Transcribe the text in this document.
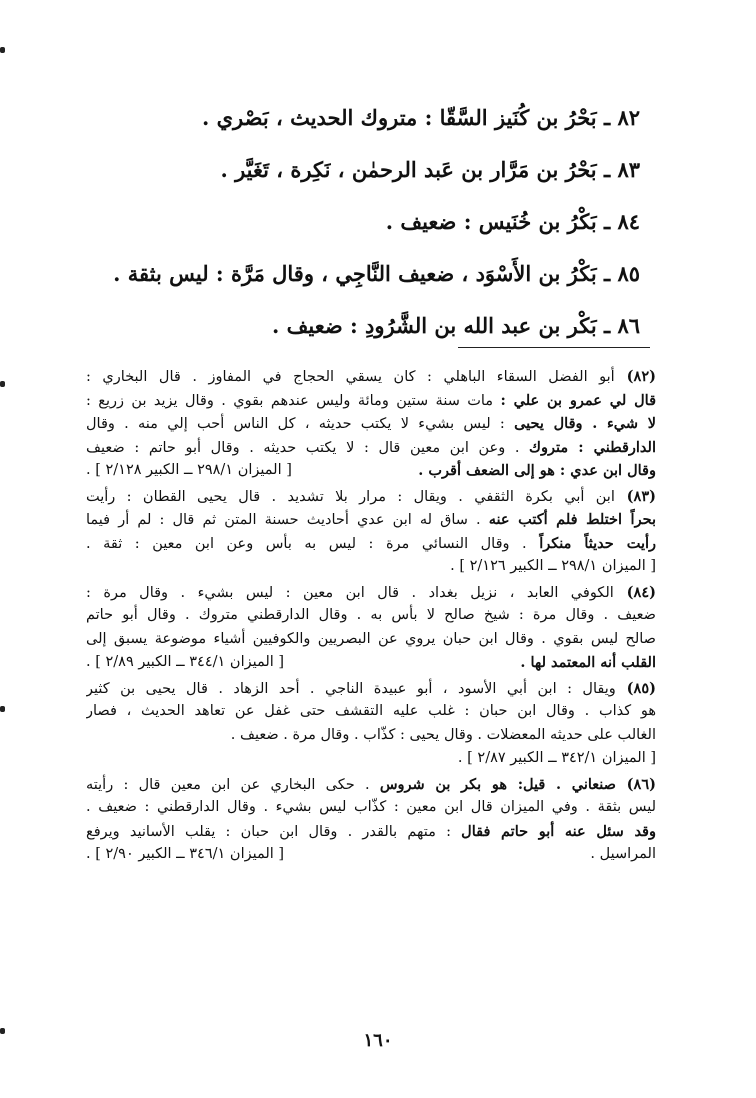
٨٢ ـ بَحْرُ بن كُنَيز السَّقّا : متروك الحديث ، بَصْري .
٨٣ ـ بَحْرُ بن مَرَّار بن عَبد الرحمٰن ، نَكِرة ، تَغَيَّر .
٨٤ ـ بَكْرُ بن خُنَيس : ضعيف .
٨٥ ـ بَكْرُ بن الأَسْوَد ، ضعيف النَّاجِي ، وقال مَرَّة : ليس بثقة .
٨٦ ـ بَكْر بن عبد الله بن الشَّرُودِ : ضعيف .
(٨٢) أبو الفضل السقاء الباهلي : كان يسقي الحجاج في المفاوز . قال البخاري :
قال لي عمرو بن علي : مات سنة ستين ومائة وليس عندهم بقوي . وقال يزيد بن زريع :
لا شيء . وقال يحيى : ليس بشيء لا يكتب حديثه ، كل الناس أحب إلي منه . وقال
الدارقطني : متروك . وعن ابن معين قال : لا يكتب حديثه . وقال أبو حاتم : ضعيف
وقال ابن عدي : هو إلى الضعف أقرب .
[ الميزان ٢٩٨/١ ــ الكبير ٢/١٢٨ ] .
(٨٣) ابن أبي بكرة الثقفي . ويقال : مرار بلا تشديد . قال يحيى القطان : رأيت
بحراً اختلط فلم أكتب عنه . ساق له ابن عدي أحاديث حسنة المتن ثم قال : لم أر فيما
رأيت حديثاً منكراً . وقال النسائي مرة : ليس به بأس وعن ابن معين : ثقة .
[ الميزان ٢٩٨/١ ــ الكبير ٢/١٢٦ ] .
(٨٤) الكوفي العابد ، نزيل بغداد . قال ابن معين : ليس بشيء . وقال مرة :
ضعيف . وقال مرة : شيخ صالح لا بأس به . وقال الدارقطني متروك . وقال أبو حاتم
صالح ليس بقوي . وقال ابن حبان يروي عن البصريين والكوفيين أشياء موضوعة يسبق إلى
القلب أنه المعتمد لها .
[ الميزان ٣٤٤/١ ــ الكبير ٢/٨٩ ] .
(٨٥) ويقال : ابن أبي الأسود ، أبو عبيدة الناجي . أحد الزهاد . قال يحيى بن كثير
هو كذاب . وقال ابن حبان : غلب عليه التقشف حتى غفل عن تعاهد الحديث ، فصار
الغالب على حديثه المعضلات . وقال يحيى : كذّاب . وقال مرة . ضعيف .
[ الميزان ٣٤٢/١ ــ الكبير ٢/٨٧ ] .
(٨٦) صنعاني . قيل: هو بكر بن شروس . حكى البخاري عن ابن معين قال : رأيته
ليس بثقة . وفي الميزان قال ابن معين : كذّاب ليس بشيء . وقال الدارقطني : ضعيف .
وقد سئل عنه أبو حاتم فقال : متهم بالقدر . وقال ابن حبان : يقلب الأسانيد ويرفع
المراسيل .
[ الميزان ٣٤٦/١ ــ الكبير ٢/٩٠ ] .
١٦٠
